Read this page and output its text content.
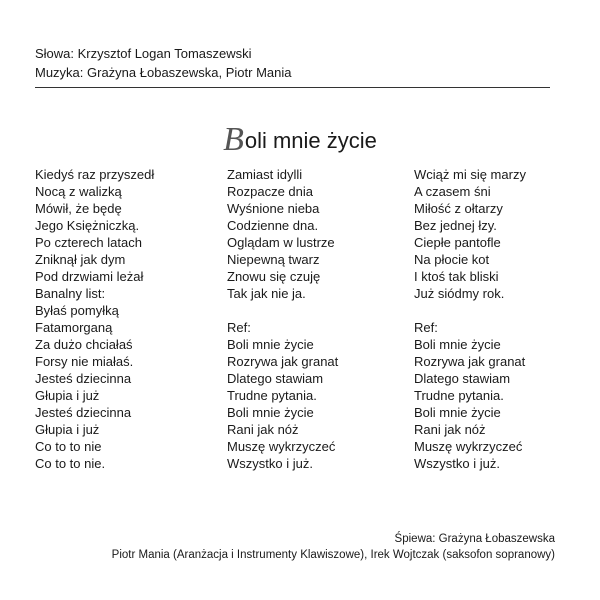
Słowa: Krzysztof Logan Tomaszewski
Muzyka: Grażyna Łobaszewska, Piotr Mania
Boli mnie życie
Kiedyś raz przyszedł
Nocą z walizką
Mówił, że będę
Jego Księżniczką.
Po czterech latach
Zniknął jak dym
Pod drzwiami leżał
Banalny list:
Byłaś pomyłką
Fatamorganą
Za dużo chciałaś
Forsy nie miałaś.
Jesteś dziecinna
Głupia i już
Jesteś dziecinna
Głupia i już
Co to to nie
Co to to nie.
Zamiast idylli
Rozpacze dnia
Wyśnione nieba
Codzienne dna.
Oglądam w lustrze
Niepewną twarz
Znowu się czuję
Tak jak nie ja.
Ref:
Boli mnie życie
Rozrywa jak granat
Dlatego stawiam
Trudne pytania.
Boli mnie życie
Rani jak nóż
Muszę wykrzyczeć
Wszystko i już.
Wciąż mi się marzy
A czasem śni
Miłość z ołtarzy
Bez jednej łzy.
Ciepłe pantofle
Na płocie kot
I ktoś tak bliski
Już siódmy rok.
Ref:
Boli mnie życie
Rozrywa jak granat
Dlatego stawiam
Trudne pytania.
Boli mnie życie
Rani jak nóż
Muszę wykrzyczeć
Wszystko i już.
Śpiewa: Grażyna Łobaszewska
Piotr Mania (Aranżacja i Instrumenty Klawiszowe), Irek Wojtczak (saksofon sopranowy)
